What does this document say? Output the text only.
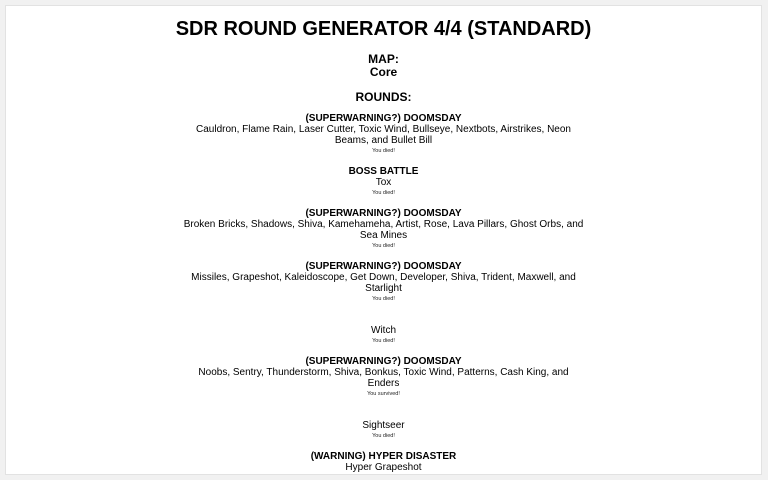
SDR ROUND GENERATOR 4/4 (STANDARD)
MAP:
Core
ROUNDS:
(SUPERWARNING?) DOOMSDAY
Cauldron, Flame Rain, Laser Cutter, Toxic Wind, Bullseye, Nextbots, Airstrikes, Neon Beams, and Bullet Bill
You died!
BOSS BATTLE
Tox
You died!
(SUPERWARNING?) DOOMSDAY
Broken Bricks, Shadows, Shiva, Kamehameha, Artist, Rose, Lava Pillars, Ghost Orbs, and Sea Mines
You died!
(SUPERWARNING?) DOOMSDAY
Missiles, Grapeshot, Kaleidoscope, Get Down, Developer, Shiva, Trident, Maxwell, and Starlight
You died!
Witch
You died!
(SUPERWARNING?) DOOMSDAY
Noobs, Sentry, Thunderstorm, Shiva, Bonkus, Toxic Wind, Patterns, Cash King, and Enders
You survived!
Sightseer
You died!
(WARNING) HYPER DISASTER
Hyper Grapeshot
